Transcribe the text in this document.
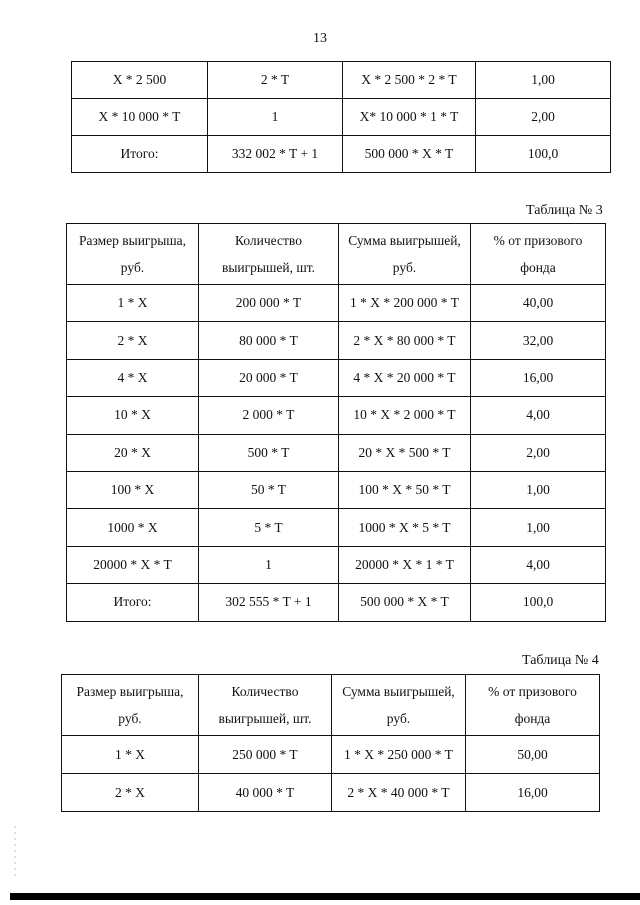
13
X * 2 500	2 * T	X * 2 500 * 2 * T	1,00
X * 10 000 * T	1	X* 10 000 * 1 * T	2,00
Итого:	332 002 * T + 1	500 000 * X * T	100,0
Таблица № 3
Размер выигрыша, руб.	Количество выигрышей, шт.	Сумма выигрышей, руб.	% от призового фонда
1 * X	200 000 * T	1 * X * 200 000 * T	40,00
2 * X	80 000 * T	2 * X * 80 000 * T	32,00
4 * X	20 000 * T	4 * X * 20 000 * T	16,00
10 * X	2 000 * T	10 * X * 2 000 * T	4,00
20 * X	500 * T	20 * X * 500 * T	2,00
100 * X	50 * T	100 * X * 50 * T	1,00
1000 * X	5 * T	1000 * X * 5 * T	1,00
20000 * X * T	1	20000 * X * 1 * T	4,00
Итого:	302 555 * T + 1	500 000 * X * T	100,0
Таблица № 4
Размер выигрыша, руб.	Количество выигрышей, шт.	Сумма выигрышей, руб.	% от призового фонда
1 * X	250 000 * T	1 * X * 250 000 * T	50,00
2 * X	40 000 * T	2 * X * 40 000 * T	16,00
